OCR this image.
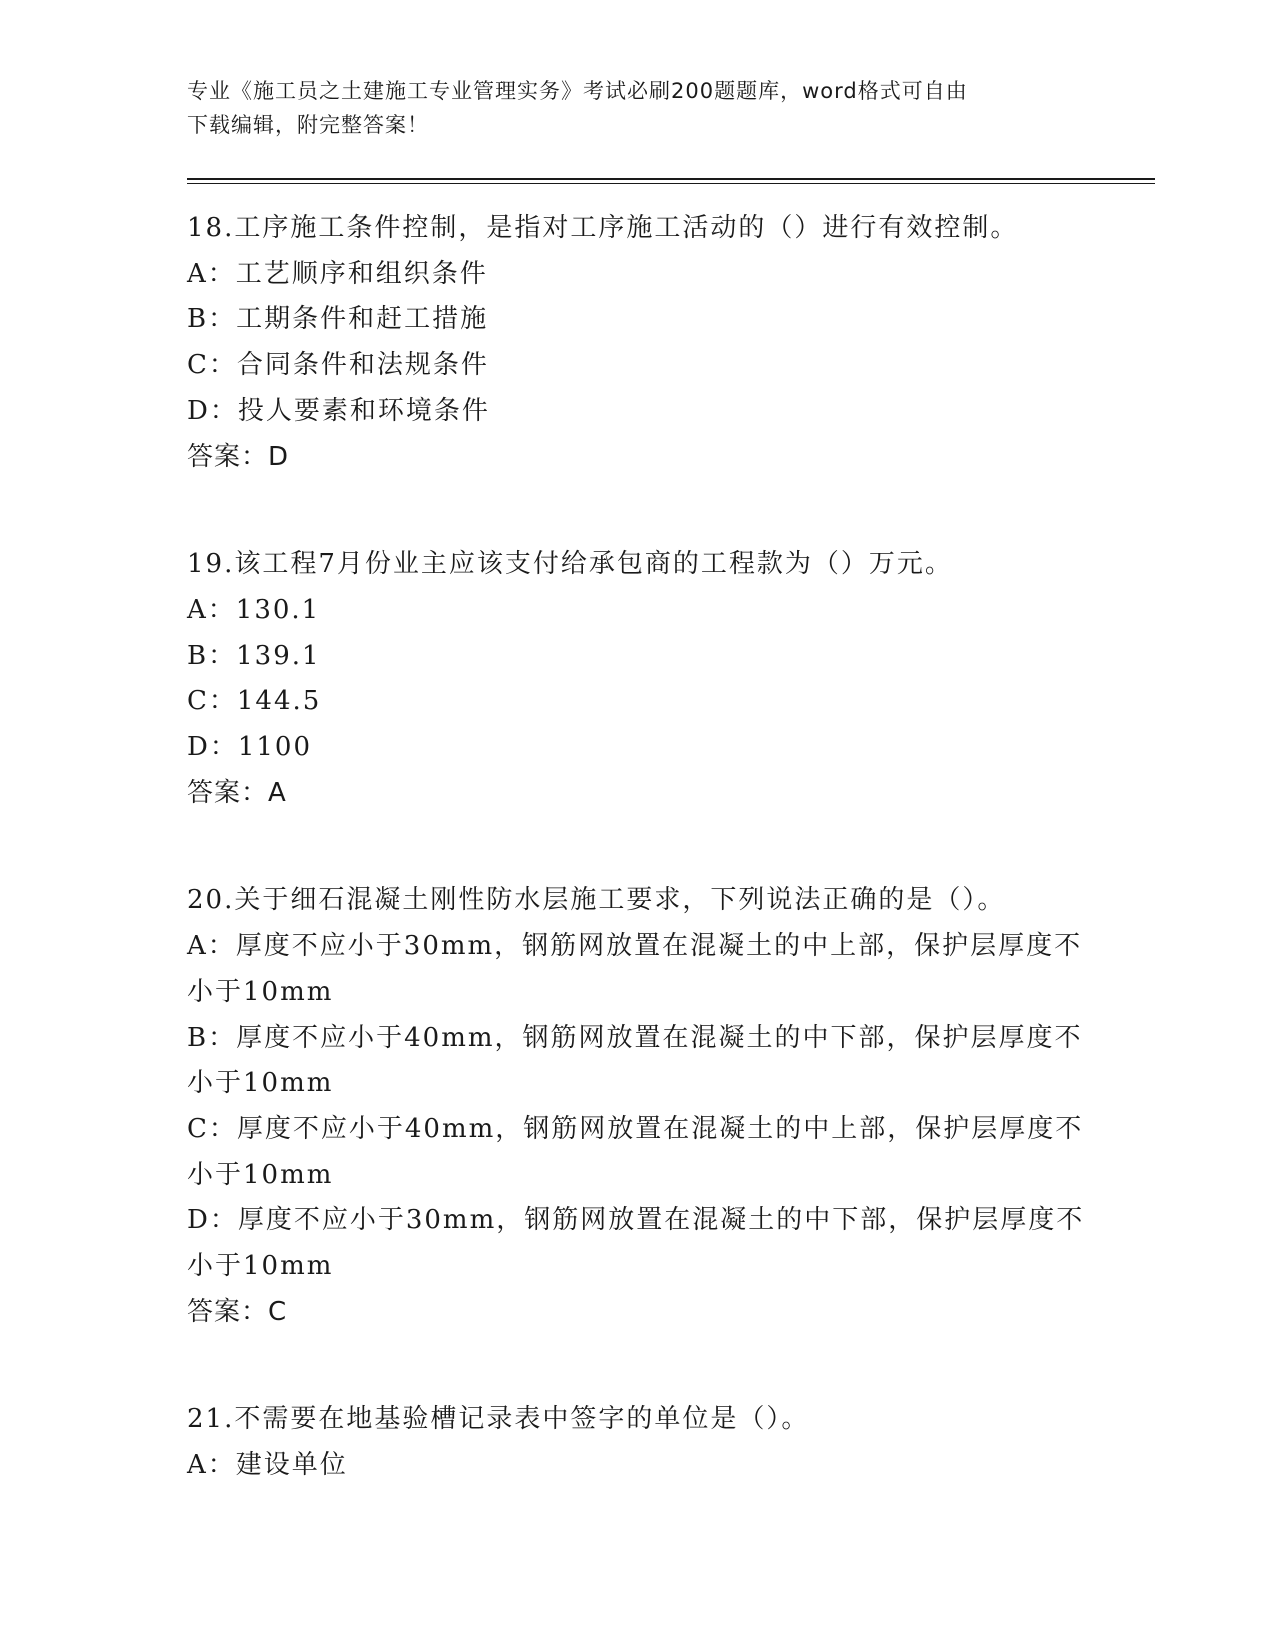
专业《施工员之土建施工专业管理实务》考试必刷200题题库，word格式可自由
下载编辑，附完整答案！
18.工序施工条件控制，是指对工序施工活动的（）进行有效控制。
A：工艺顺序和组织条件
B：工期条件和赶工措施
C：合同条件和法规条件
D：投人要素和环境条件
答案：D
19.该工程7月份业主应该支付给承包商的工程款为（）万元。
A：130.1
B：139.1
C：144.5
D：1100
答案：A
20.关于细石混凝土刚性防水层施工要求，下列说法正确的是（）。
A：厚度不应小于30mm，钢筋网放置在混凝土的中上部，保护层厚度不
小于10mm
B：厚度不应小于40mm，钢筋网放置在混凝土的中下部，保护层厚度不
小于10mm
C：厚度不应小于40mm，钢筋网放置在混凝土的中上部，保护层厚度不
小于10mm
D：厚度不应小于30mm，钢筋网放置在混凝土的中下部，保护层厚度不
小于10mm
答案：C
21.不需要在地基验槽记录表中签字的单位是（）。
A：建设单位
